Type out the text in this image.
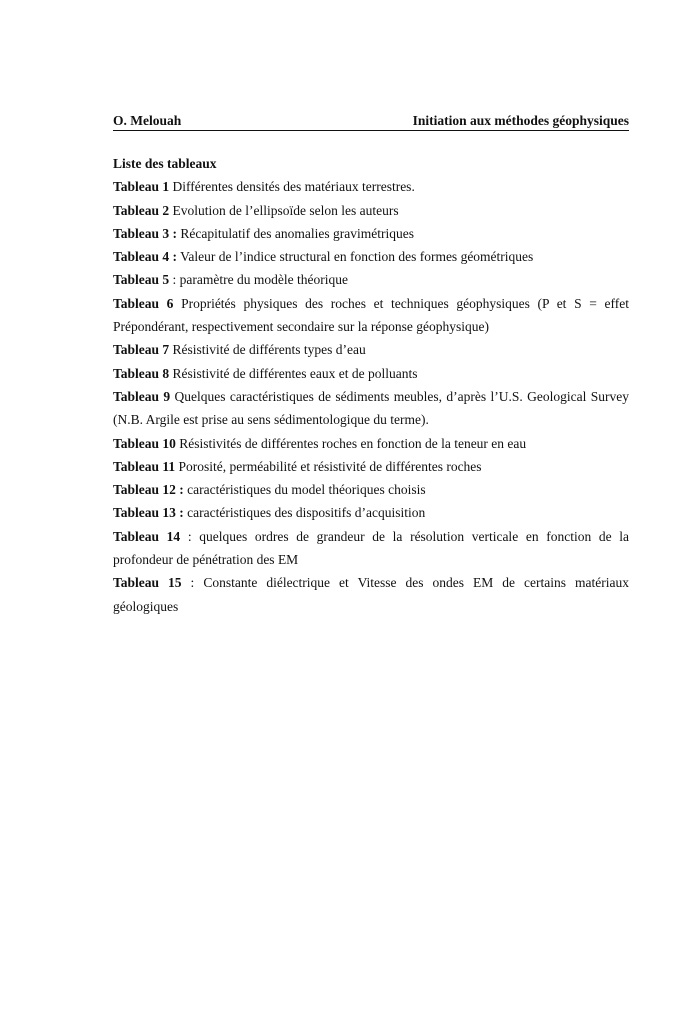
O. Melouah	Initiation aux méthodes géophysiques

Liste des tableaux

Tableau 1 Différentes densités des matériaux terrestres.

Tableau 2 Evolution de l’ellipsoïde selon les auteurs

Tableau 3 : Récapitulatif des anomalies gravimétriques

Tableau 4 : Valeur de l’indice structural en fonction des formes géométriques

Tableau 5 : paramètre du modèle théorique

Tableau 6 Propriétés physiques des roches et techniques géophysiques (P et S = effet Prépondérant, respectivement secondaire sur la réponse géophysique)

Tableau 7 Résistivité de différents types d’eau

Tableau 8 Résistivité de différentes eaux et de polluants

Tableau 9 Quelques caractéristiques de sédiments meubles, d’après l’U.S. Geological Survey (N.B. Argile est prise au sens sédimentologique du terme).

Tableau 10 Résistivités de différentes roches en fonction de la teneur en eau

Tableau 11 Porosité, perméabilité et résistivité de différentes roches

Tableau 12 : caractéristiques du model théoriques choisis

Tableau 13 : caractéristiques des dispositifs d’acquisition

Tableau 14 : quelques ordres de grandeur de la résolution verticale en fonction de la profondeur de pénétration des EM

Tableau 15 : Constante diélectrique et Vitesse des ondes EM de certains matériaux géologiques
